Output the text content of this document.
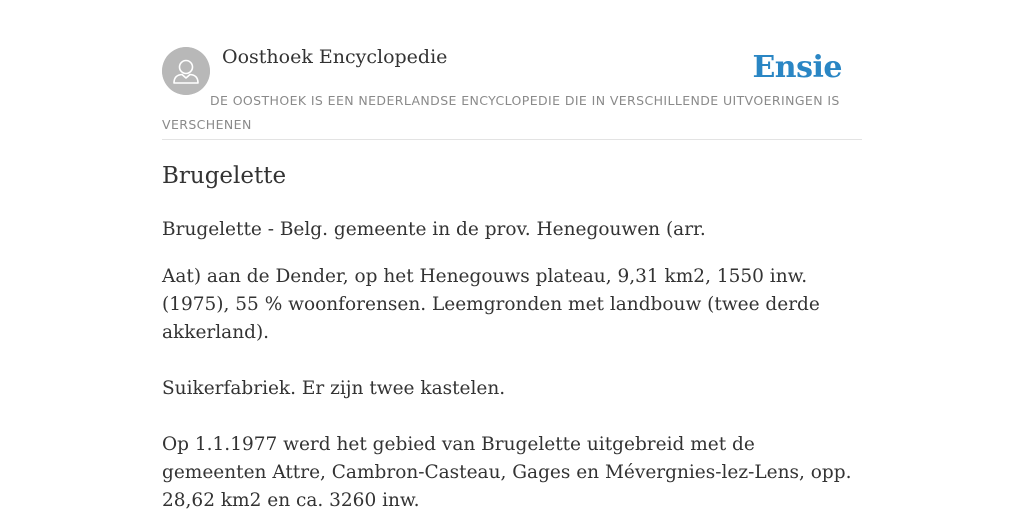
Oosthoek Encyclopedie	Ensie
DE OOSTHOEK IS EEN NEDERLANDSE ENCYCLOPEDIE DIE IN VERSCHILLENDE UITVOERINGEN IS VERSCHENEN
Brugelette

Brugelette - Belg. gemeente in de prov. Henegouwen (arr.

Aat) aan de Dender, op het Henegouws plateau, 9,31 km2, 1550 inw. (1975), 55 % woonforensen. Leemgronden met landbouw (twee derde akkerland).

Suikerfabriek. Er zijn twee kastelen.

Op 1.1.1977 werd het gebied van Brugelette uitgebreid met de gemeenten Attre, Cambron-Casteau, Gages en Mévergnies-lez-Lens, opp. 28,62 km2 en ca. 3260 inw.
